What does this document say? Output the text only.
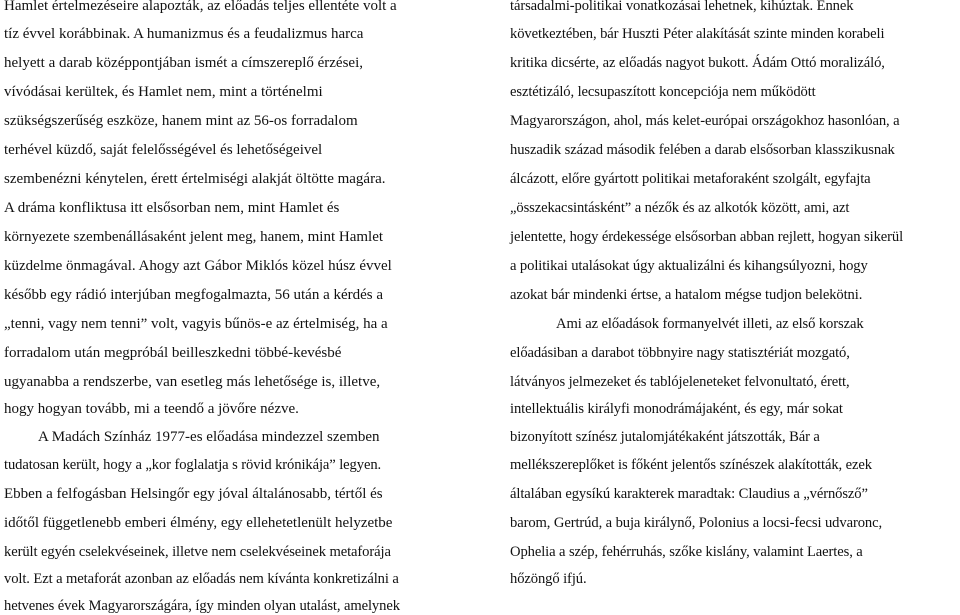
Hamlet értelmezéseire alapozták, az előadás teljes ellentéte volt a
tíz évvel korábbinak. A humanizmus és a feudalizmus harca
helyett a darab középpontjában ismét a címszereplő érzései,
vívódásai kerültek, és Hamlet nem, mint a történelmi
szükségszerűség eszköze, hanem mint az 56-os forradalom
terhével küzdő, saját felelősségével és lehetőségeivel
szembenézni kénytelen, érett értelmiségi alakját öltötte magára.
A dráma konfliktusa itt elsősorban nem, mint Hamlet és
környezete szembenállásaként jelent meg, hanem, mint Hamlet
küzdelme önmagával. Ahogy azt Gábor Miklós közel húsz évvel
később egy rádió interjúban megfogalmazta, 56 után a kérdés a
„tenni, vagy nem tenni” volt, vagyis bűnös-e az értelmiség, ha a
forradalom után megpróbál beilleszkedni többé-kevésbé
ugyanabba a rendszerbe, van esetleg más lehetősége is, illetve,
hogy hogyan tovább, mi a teendő a jövőre nézve.
A Madách Színház 1977-es előadása mindezzel szemben
tudatosan került, hogy a „kor foglalatja s rövid krónikája” legyen.
Ebben a felfogásban Helsingőr egy jóval általánosabb, tértől és
időtől függetlenebb emberi élmény, egy ellehetetlenült helyzetbe
került egyén cselekvéseinek, illetve nem cselekvéseinek metaforája
volt. Ezt a metaforát azonban az előadás nem kívánta konkretizálni a
hetvenes évek Magyarországára, így minden olyan utalást, amelynek
társadalmi-politikai vonatkozásai lehetnek, kihúztak. Ennek
következtében, bár Huszti Péter alakítását szinte minden korabeli
kritika dicsérte, az előadás nagyot bukott. Ádám Ottó moralizáló,
esztétizáló, lecsupaszított koncepciója nem működött
Magyarországon, ahol, más kelet-európai országokhoz hasonlóan, a
huszadik század második felében a darab elsősorban klasszikusnak
álcázott, előre gyártott politikai metaforaként szolgált, egyfajta
„összekacsintásként” a nézők és az alkotók között, ami, azt
jelentette, hogy érdekessége elsősorban abban rejlett, hogyan sikerül
a politikai utalásokat úgy aktualizálni és kihangsúlyozni, hogy
azokat bár mindenki értse, a hatalom mégse tudjon belekötni.
Ami az előadások formanyelvét illeti, az első korszak
előadásiban a darabot többnyire nagy statisztériát mozgató,
látványos jelmezeket és tablójeleneteket felvonultató, érett,
intellektuális királyfi monodrámájaként, és egy, már sokat
bizonyított színész jutalomjátékaként játszották, Bár a
mellékszereplőket is főként jelentős színészek alakították, ezek
általában egysíkú karakterek maradtak: Claudius a „vérnősző”
barom, Gertrúd, a buja királynő, Polonius a locsi-fecsi udvaronc,
Ophelia a szép, fehérruhás, szőke kislány, valamint Laertes, a
hőzöngő ifjú.
